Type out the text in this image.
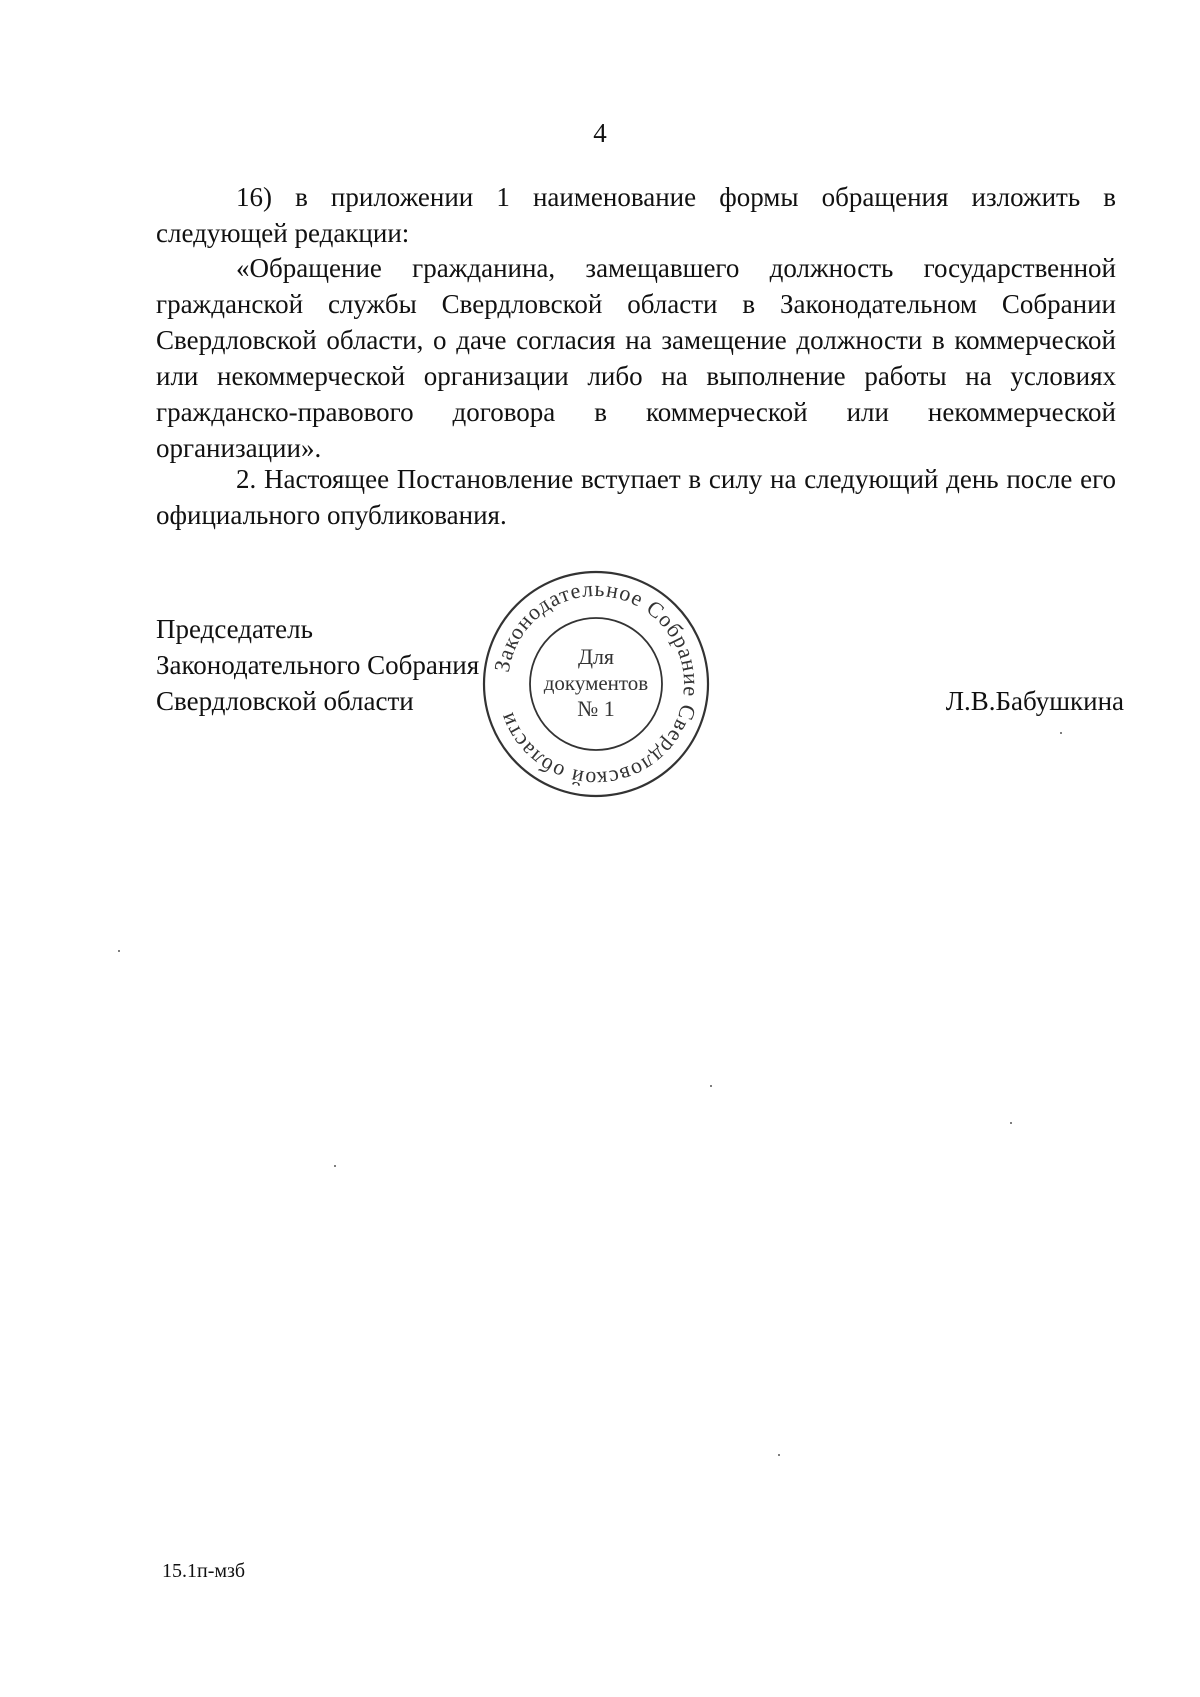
4

16) в приложении 1 наименование формы обращения изложить в следующей редакции:

«Обращение гражданина, замещавшего должность государственной гражданской службы Свердловской области в Законодательном Собрании Свердловской области, о даче согласия на замещение должности в коммерческой или некоммерческой организации либо на выполнение работы на условиях гражданско-правового договора в коммерческой или некоммерческой организации».

2. Настоящее Постановление вступает в силу на следующий день после его официального опубликования.

Председатель
Законодательного Собрания
Свердловской области	Л.В.Бабушкина
Законодательное Собрание Свердловской области
Для
документов
№ 1
15.1п-мзб
